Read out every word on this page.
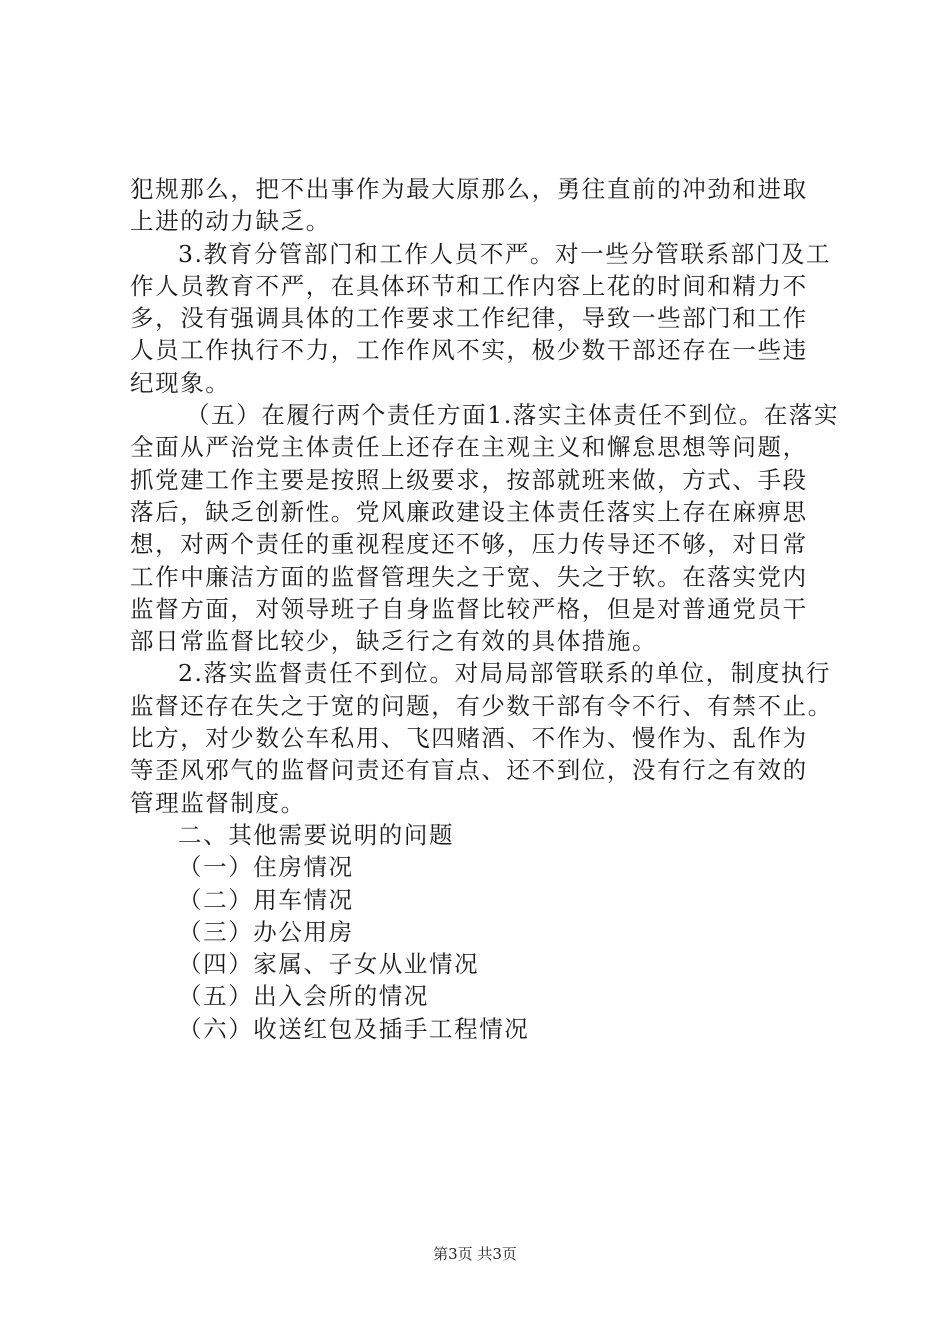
犯规那么，把不出事作为最大原那么，勇往直前的冲劲和进取
上进的动力缺乏。
3.教育分管部门和工作人员不严。对一些分管联系部门及工
作人员教育不严，在具体环节和工作内容上花的时间和精力不
多，没有强调具体的工作要求工作纪律，导致一些部门和工作
人员工作执行不力，工作作风不实，极少数干部还存在一些违
纪现象。
（五）在履行两个责任方面1.落实主体责任不到位。在落实
全面从严治党主体责任上还存在主观主义和懈怠思想等问题，
抓党建工作主要是按照上级要求，按部就班来做，方式、手段
落后，缺乏创新性。党风廉政建设主体责任落实上存在麻痹思
想，对两个责任的重视程度还不够，压力传导还不够，对日常
工作中廉洁方面的监督管理失之于宽、失之于软。在落实党内
监督方面，对领导班子自身监督比较严格，但是对普通党员干
部日常监督比较少，缺乏行之有效的具体措施。
2.落实监督责任不到位。对局局部管联系的单位，制度执行
监督还存在失之于宽的问题，有少数干部有令不行、有禁不止。
比方，对少数公车私用、飞四赌酒、不作为、慢作为、乱作为
等歪风邪气的监督问责还有盲点、还不到位，没有行之有效的
管理监督制度。
二、其他需要说明的问题
（一）住房情况
（二）用车情况
（三）办公用房
（四）家属、子女从业情况
（五）出入会所的情况
（六）收送红包及插手工程情况
第3页 共3页
